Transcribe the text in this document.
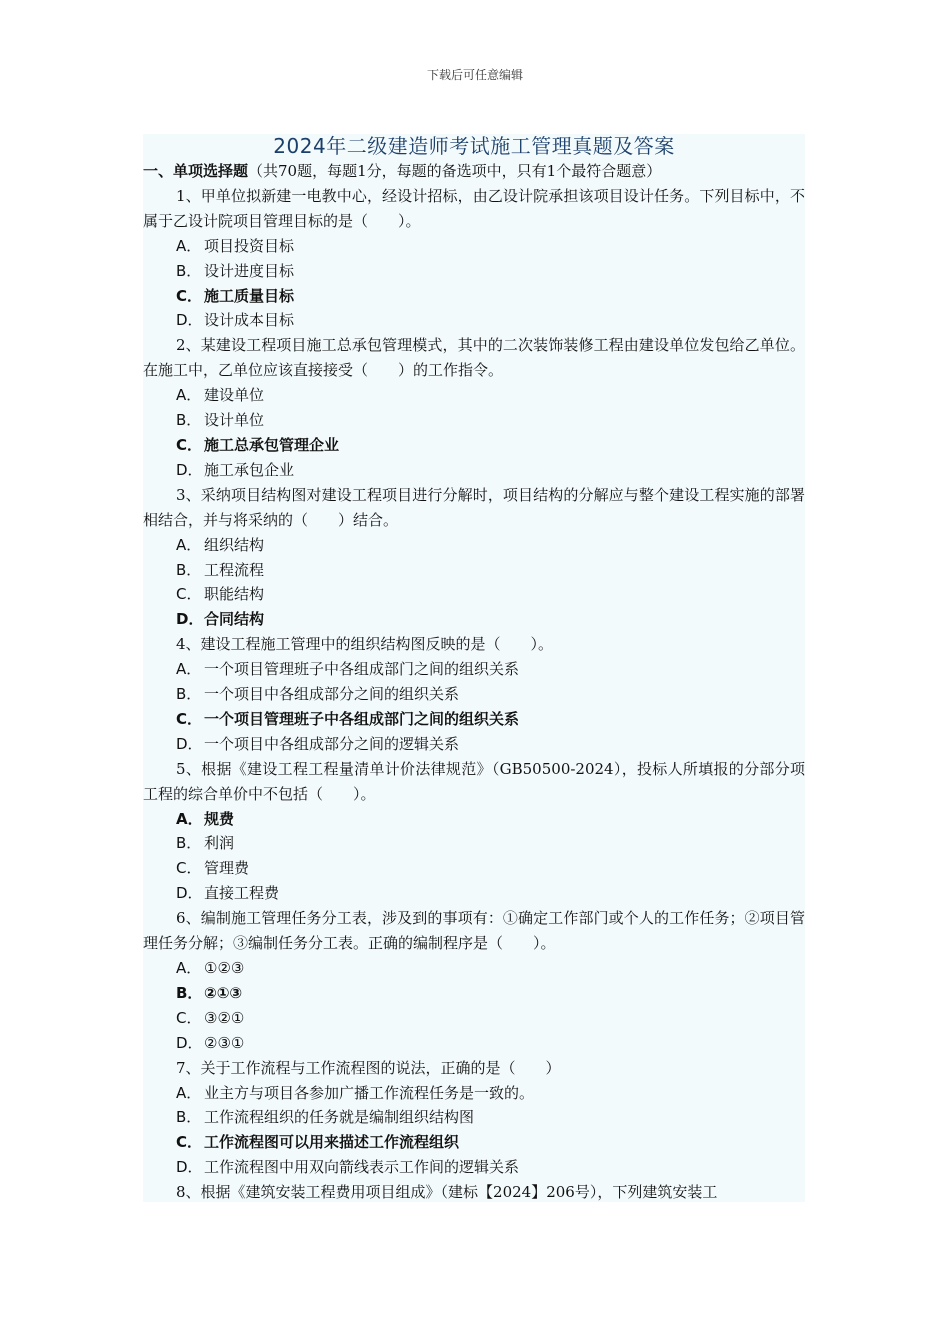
下载后可任意编辑
2024年二级建造师考试施工管理真题及答案

一、单项选择题（共70题，每题1分，每题的备选项中，只有1个最符合题意）

1、甲单位拟新建一电教中心，经设计招标，由乙设计院承担该项目设计任务。下列目标中，不属于乙设计院项目管理目标的是（　　）。

A． 项目投资目标

B． 设计进度目标

C． 施工质量目标

D．设计成本目标

2、某建设工程项目施工总承包管理模式，其中的二次装饰装修工程由建设单位发包给乙单位。在施工中，乙单位应该直接接受（　　）的工作指令。

A． 建设单位

B． 设计单位

C． 施工总承包管理企业

D．施工承包企业

3、采纳项目结构图对建设工程项目进行分解时，项目结构的分解应与整个建设工程实施的部署相结合，并与将采纳的（　　）结合。

A． 组织结构

B． 工程流程

C． 职能结构

D．合同结构

4、建设工程施工管理中的组织结构图反映的是（　　）。

A． 一个项目管理班子中各组成部门之间的组织关系

B． 一个项目中各组成部分之间的组织关系

C． 一个项目管理班子中各组成部门之间的组织关系

D．一个项目中各组成部分之间的逻辑关系

5、根据《建设工程工程量清单计价法律规范》（GB50500-2024），投标人所填报的分部分项工程的综合单价中不包括（　　）。

A．规费

B． 利润

C． 管理费

D．直接工程费

6、编制施工管理任务分工表，涉及到的事项有：①确定工作部门或个人的工作任务；②项目管理任务分解；③编制任务分工表。正确的编制程序是（　　）。

A． ①②③

B． ②①③

C． ③②①

D．②③①

7、关于工作流程与工作流程图的说法，正确的是（　　）

A． 业主方与项目各参加广播工作流程任务是一致的。

B． 工作流程组织的任务就是编制组织结构图

C． 工作流程图可以用来描述工作流程组织

D．工作流程图中用双向箭线表示工作间的逻辑关系

8、根据《建筑安装工程费用项目组成》（建标【2024】206号），下列建筑安装工
